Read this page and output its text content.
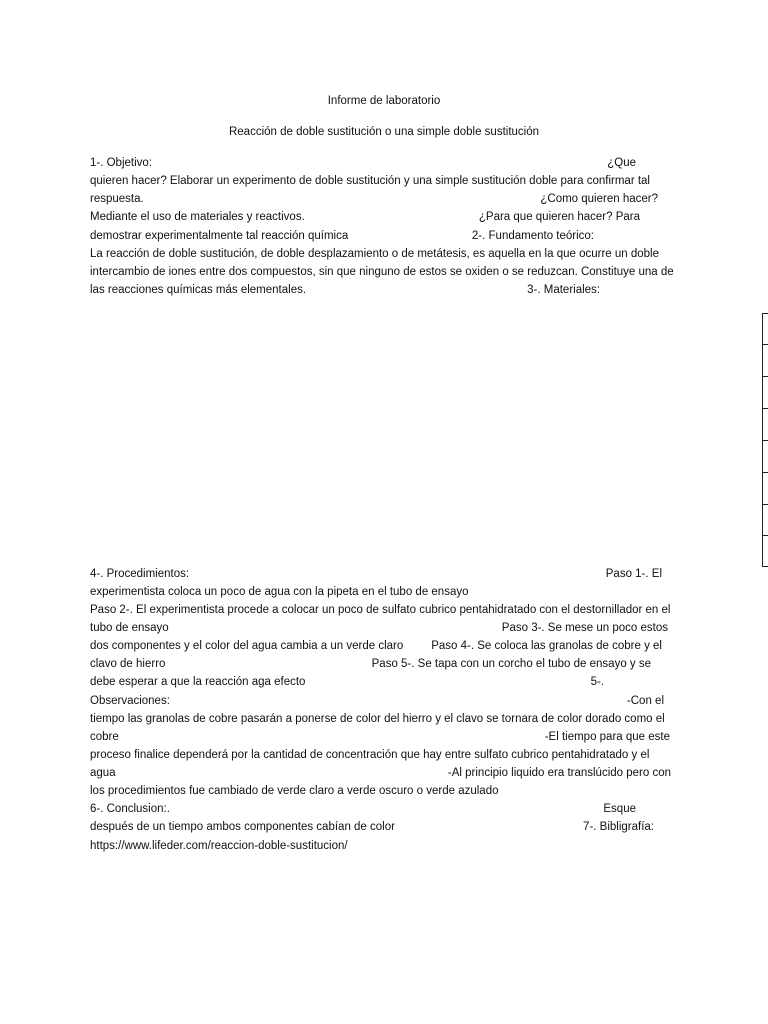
Informe de laboratorio
Reacción de doble sustitución o una simple doble sustitución
1-. Objetivo:	¿Que
quieren hacer? Elaborar un experimento de doble sustitución y una simple sustitución doble para confirmar tal
respuesta.	¿Como quieren hacer?
Mediante el uso de materiales y reactivos.	¿Para que quieren hacer? Para
demostrar experimentalmente tal reacción química	2-. Fundamento teórico:
La reacción de doble sustitución, de doble desplazamiento o de metátesis, es aquella en la que ocurre un doble
intercambio de iones entre dos compuestos, sin que ninguno de estos se oxiden o se reduzcan. Constituye una de
las reacciones químicas más elementales.	3-. Materiales:
4-. Procedimientos:	Paso 1-. El
experimentista coloca un poco de agua con la pipeta en el tubo de ensayo
Paso 2-. El experimentista procede a colocar un poco de sulfato cubrico pentahidratado con el destornillador en el
tubo de ensayo	Paso 3-. Se mese un poco estos
dos componentes y el color del agua cambia a un verde claro Paso 4-. Se coloca las granolas de cobre y el
clavo de hierro	Paso 5-. Se tapa con un corcho el tubo de ensayo y se
debe esperar a que la reacción aga efecto	5-.
Observaciones:	-Con el
tiempo las granolas de cobre pasarán a ponerse de color del hierro y el clavo se tornara de color dorado como el
cobre	-El tiempo para que este
proceso finalice dependerá por la cantidad de concentración que hay entre sulfato cubrico pentahidratado y el
agua	-Al principio liquido era translúcido pero con
los procedimientos fue cambiado de verde claro a verde oscuro o verde azulado
6-. Conclusion:.	Esque
después de un tiempo ambos componentes cabían de color	7-. Bibligrafía:
https://www.lifeder.com/reaccion-doble-sustitucion/
